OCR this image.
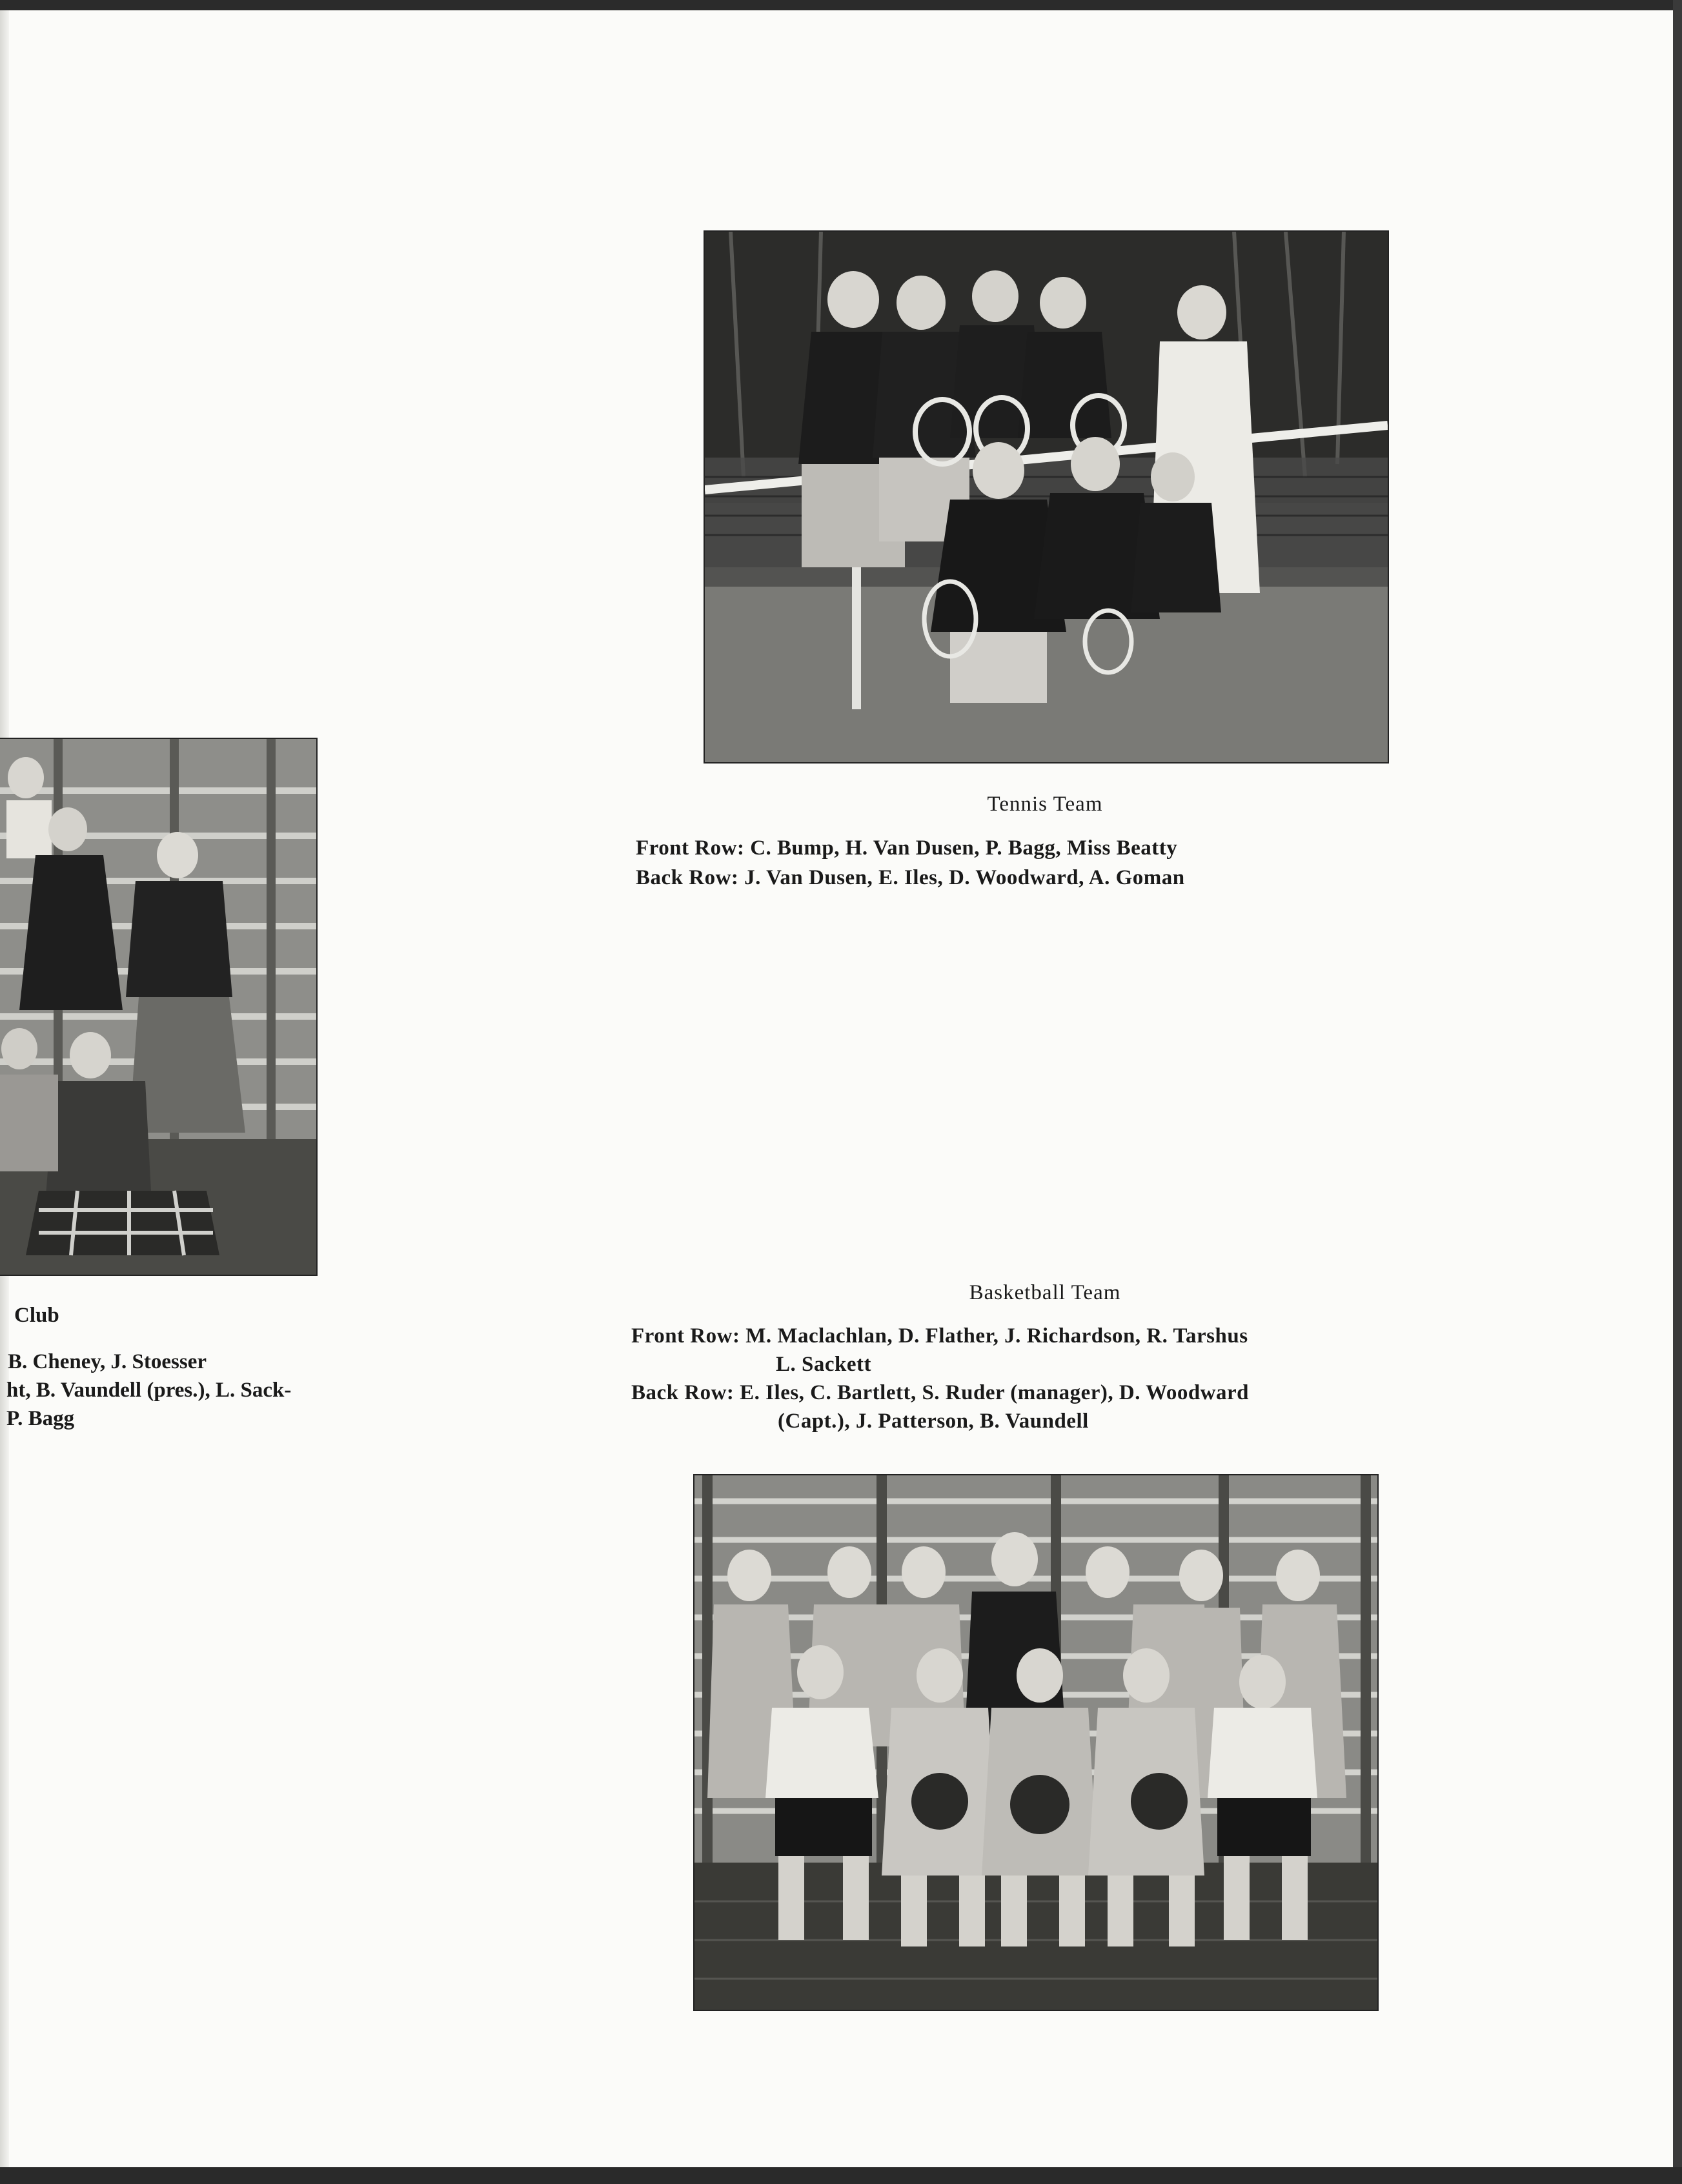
Club
B. Cheney, J. Stoesser
ht, B. Vaundell (pres.), L. Sack-
P. Bagg
Tennis Team
Front Row: C. Bump, H. Van Dusen, P. Bagg, Miss Beatty
Back Row: J. Van Dusen, E. Iles, D. Woodward, A. Goman
Basketball Team
Front Row: M. Maclachlan, D. Flather, J. Richardson, R. Tarshus
L. Sackett
Back Row: E. Iles, C. Bartlett, S. Ruder (manager), D. Woodward
(Capt.), J. Patterson, B. Vaundell
